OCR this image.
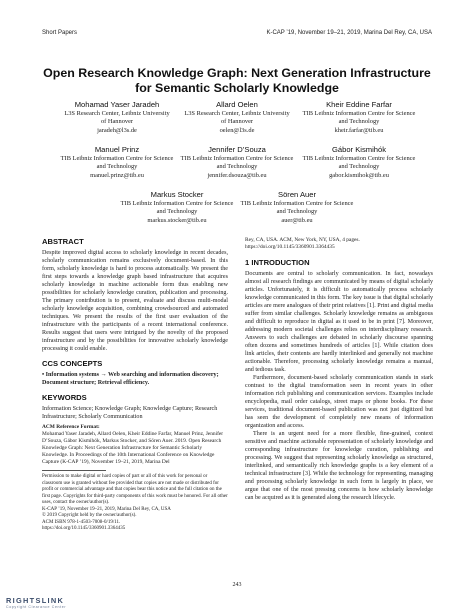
Short Papers	K-CAP ’19, November 19–21, 2019, Marina Del Rey, CA, USA
Open Research Knowledge Graph: Next Generation Infrastructure for Semantic Scholarly Knowledge
Mohamad Yaser Jaradeh
L3S Research Center, Leibniz University of Hannover
jaradeh@l3s.de
Allard Oelen
L3S Research Center, Leibniz University of Hannover
oelen@l3s.de
Kheir Eddine Farfar
TIB Leibniz Information Centre for Science and Technology
kheir.farfar@tib.eu
Manuel Prinz
TIB Leibniz Information Centre for Science and Technology
manuel.prinz@tib.eu
Jennifer D’Souza
TIB Leibniz Information Centre for Science and Technology
jennifer.dsouza@tib.eu
Gábor Kismihók
TIB Leibniz Information Centre for Science and Technology
gabor.kismihok@tib.eu
Markus Stocker
TIB Leibniz Information Centre for Science and Technology
markus.stocker@tib.eu
Sören Auer
TIB Leibniz Information Centre for Science and Technology
auer@tib.eu
ABSTRACT

Despite improved digital access to scholarly knowledge in recent decades, scholarly communication remains exclusively document-based. In this form, scholarly knowledge is hard to process automatically. We present the first steps towards a knowledge graph based infrastructure that acquires scholarly knowledge in machine actionable form thus enabling new possibilities for scholarly knowledge curation, publication and processing. The primary contribution is to present, evaluate and discuss multi-modal scholarly knowledge acquisition, combining crowdsourced and automated techniques. We present the results of the first user evaluation of the infrastructure with the participants of a recent international conference. Results suggest that users were intrigued by the novelty of the proposed infrastructure and by the possibilities for innovative scholarly knowledge processing it could enable.

CCS CONCEPTS

• Information systems → Web searching and information discovery; Document structure; Retrieval efficiency.

KEYWORDS

Information Science; Knowledge Graph; Knowledge Capture; Research Infrastructure; Scholarly Communication

ACM Reference Format:

Mohamad Yaser Jaradeh, Allard Oelen, Kheir Eddine Farfar, Manuel Prinz, Jennifer D’Souza, Gábor Kismihók, Markus Stocker, and Sören Auer. 2019. Open Research Knowledge Graph: Next Generation Infrastructure for Semantic Scholarly Knowledge. In Proceedings of the 10th International Conference on Knowledge Capture (K-CAP ’19), November 19–21, 2019, Marina Del

Permission to make digital or hard copies of part or all of this work for personal or classroom use is granted without fee provided that copies are not made or distributed for profit or commercial advantage and that copies bear this notice and the full citation on the first page. Copyrights for third-party components of this work must be honored. For all other uses, contact the owner/author(s).
K-CAP ’19, November 19–21, 2019, Marina Del Rey, CA, USA
© 2019 Copyright held by the owner/author(s).
ACM ISBN 978-1-4503-7008-0/19/11.
https://doi.org/10.1145/3360901.3364435

Rey, CA, USA. ACM, New York, NY, USA, 4 pages. https://doi.org/10.1145/3360901.3364435

1 INTRODUCTION

Documents are central to scholarly communication. In fact, nowadays almost all research findings are communicated by means of digital scholarly articles. Unfortunately, it is difficult to automatically process scholarly knowledge communicated in this form. The key issue is that digital scholarly articles are mere analogues of their print relatives [1]. Print and digital media suffer from similar challenges. Scholarly knowledge remains as ambiguous and difficult to reproduce in digital as it used to be in print [7]. Moreover, addressing modern societal challenges relies on interdisciplinary research. Answers to such challenges are debated in scholarly discourse spanning often dozens and sometimes hundreds of articles [1]. While citation does link articles, their contents are hardly interlinked and generally not machine actionable. Therefore, processing scholarly knowledge remains a manual, and tedious task.

Furthermore, document-based scholarly communication stands in stark contrast to the digital transformation seen in recent years in other information rich publishing and communication services. Examples include encyclopedia, mail order catalogs, street maps or phone books. For these services, traditional document-based publication was not just digitized but has seen the development of completely new means of information organization and access.

There is an urgent need for a more flexible, fine-grained, context sensitive and machine actionable representation of scholarly knowledge and corresponding infrastructure for knowledge curation, publishing and processing. We suggest that representing scholarly knowledge as structured, interlinked, and semantically rich knowledge graphs is a key element of a technical infrastructure [3]. While the technology for representing, managing and processing scholarly knowledge in such form is largely in place, we argue that one of the most pressing concerns is how scholarly knowledge can be acquired as it is generated along the research lifecycle.

243
RIGHTSLINK
Copyright Clearance Center
